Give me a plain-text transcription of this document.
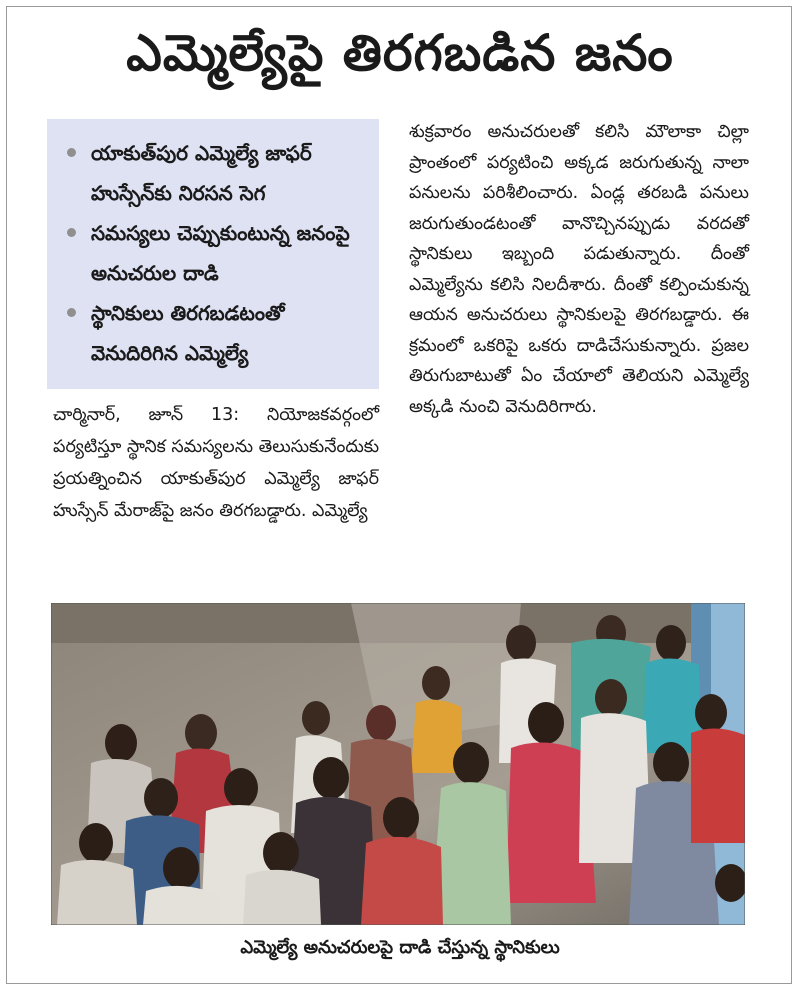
ఎమ్మెల్యేపై తిరగబడిన జనం
యాకుత్‌పుర ఎమ్మెల్యే జాఫర్ హుస్సేన్‌కు నిరసన సెగ
సమస్యలు చెప్పుకుంటున్న జనంపై అనుచరుల దాడి
స్థానికులు తిరగబడటంతో వెనుదిరిగిన ఎమ్మెల్యే
చార్మినార్, జూన్ 13: నియోజకవర్గంలో పర్యటిస్తూ స్థానిక సమస్యలను తెలుసుకునేందుకు ప్రయత్నించిన యాకుత్‌పుర ఎమ్మెల్యే జాఫర్ హుస్సేన్ మేరాజ్‌పై జనం తిరగబడ్డారు. ఎమ్మెల్యే
శుక్రవారం అనుచరులతో కలిసి మౌలాకా చిల్లా ప్రాంతంలో పర్యటించి అక్కడ జరుగుతున్న నాలా పనులను పరిశీలించారు. ఏండ్ల తరబడి పనులు జరుగుతుండటంతో వానొచ్చినప్పుడు వరదతో స్థానికులు ఇబ్బంది పడుతున్నారు. దీంతో ఎమ్మెల్యేను కలిసి నిలదీశారు. దీంతో కల్పించుకున్న ఆయన అనుచరులు స్థానికులపై తిరగబడ్డారు. ఈ క్రమంలో ఒకరిపై ఒకరు దాడిచేసుకున్నారు. ప్రజల తిరుగుబాటుతో ఏం చేయాలో తెలియని ఎమ్మెల్యే అక్కడి నుంచి వెనుదిరిగారు.
ఎమ్మెల్యే అనుచరులపై దాడి చేస్తున్న స్థానికులు
